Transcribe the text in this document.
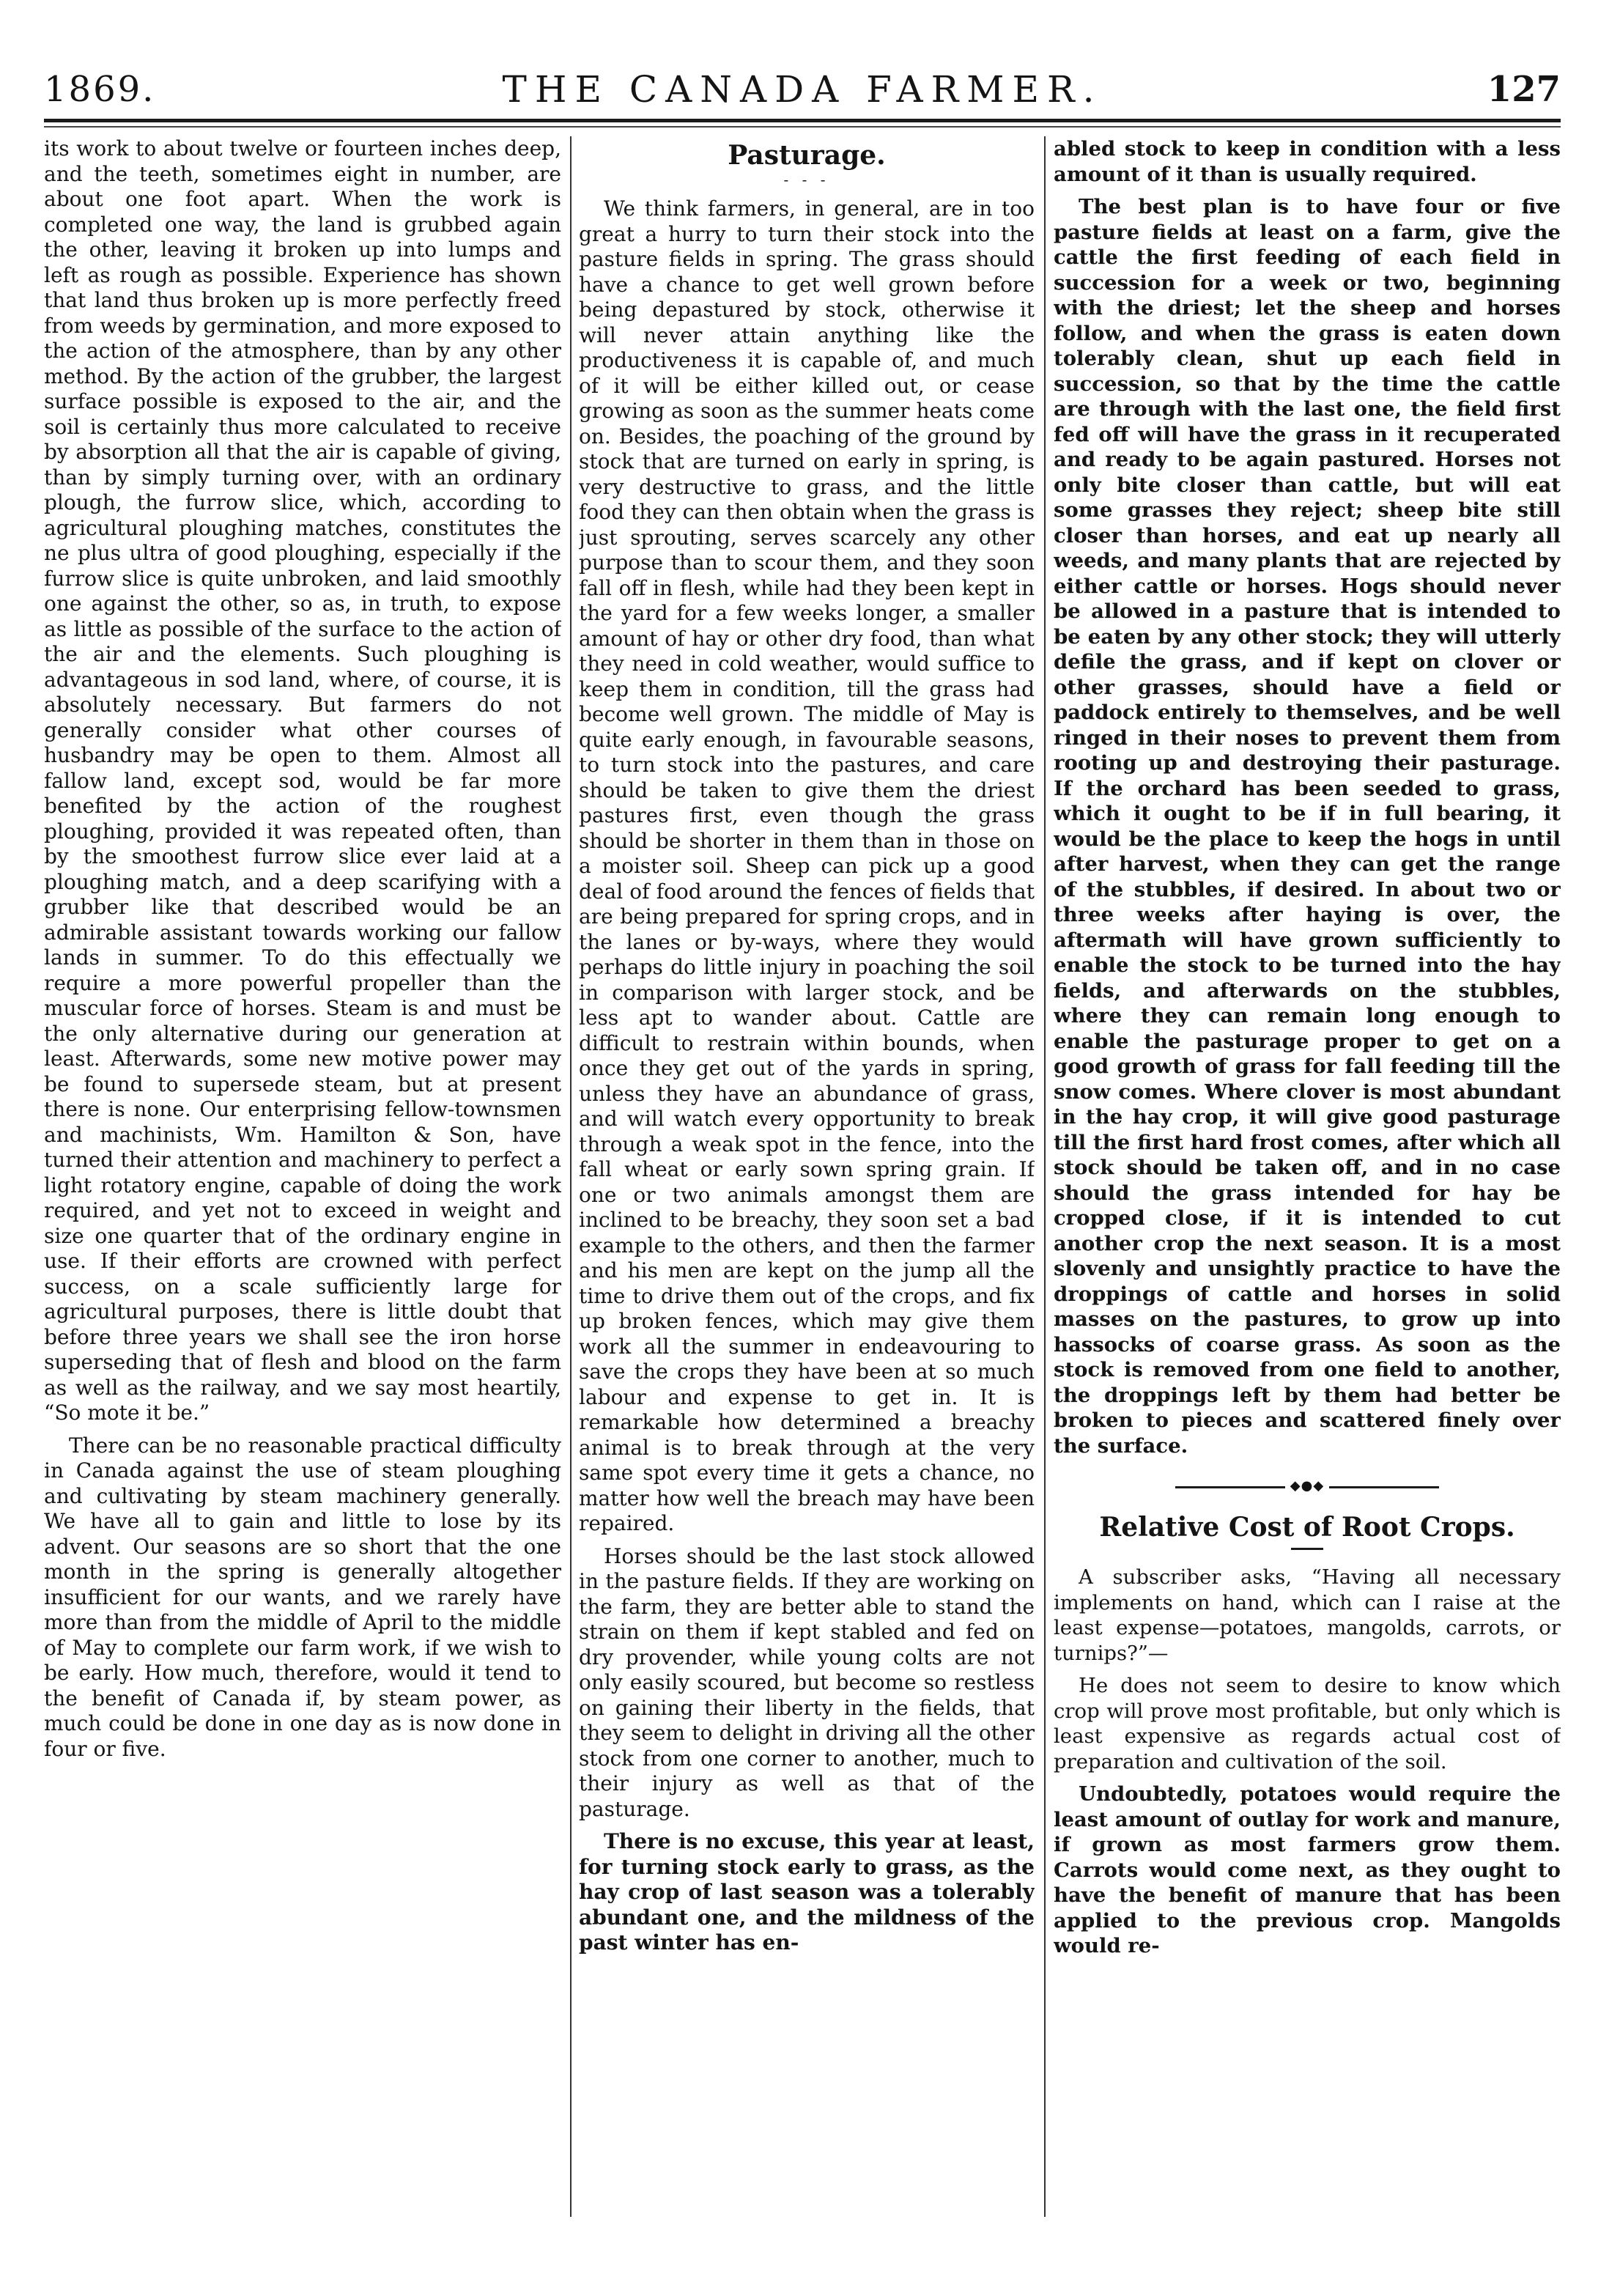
1869.	THE CANADA FARMER.	127

its work to about twelve or fourteen inches deep, and the teeth, sometimes eight in number, are about one foot apart. When the work is completed one way, the land is grubbed again the other, leaving it broken up into lumps and left as rough as possible. Experience has shown that land thus broken up is more perfectly freed from weeds by germination, and more exposed to the action of the atmosphere, than by any other method. By the action of the grubber, the largest surface possible is exposed to the air, and the soil is certainly thus more calculated to receive by absorption all that the air is capable of giving, than by simply turning over, with an ordinary plough, the furrow slice, which, according to agricultural ploughing matches, constitutes the ne plus ultra of good ploughing, especially if the furrow slice is quite unbroken, and laid smoothly one against the other, so as, in truth, to expose as little as possible of the surface to the action of the air and the elements. Such ploughing is advantageous in sod land, where, of course, it is absolutely necessary. But farmers do not generally consider what other courses of husbandry may be open to them. Almost all fallow land, except sod, would be far more benefited by the action of the roughest ploughing, provided it was repeated often, than by the smoothest furrow slice ever laid at a ploughing match, and a deep scarifying with a grubber like that described would be an admirable assistant towards working our fallow lands in summer. To do this effectually we require a more powerful propeller than the muscular force of horses. Steam is and must be the only alternative during our generation at least. Afterwards, some new motive power may be found to supersede steam, but at present there is none. Our enterprising fellow-townsmen and machinists, Wm. Hamilton & Son, have turned their attention and machinery to perfect a light rotatory engine, capable of doing the work required, and yet not to exceed in weight and size one quarter that of the ordinary engine in use. If their efforts are crowned with perfect success, on a scale sufficiently large for agricultural purposes, there is little doubt that before three years we shall see the iron horse superseding that of flesh and blood on the farm as well as the railway, and we say most heartily, “So mote it be.”

There can be no reasonable practical difficulty in Canada against the use of steam ploughing and cultivating by steam machinery generally. We have all to gain and little to lose by its advent. Our seasons are so short that the one month in the spring is generally altogether insufficient for our wants, and we rarely have more than from the middle of April to the middle of May to complete our farm work, if we wish to be early. How much, therefore, would it tend to the benefit of Canada if, by steam power, as much could be done in one day as is now done in four or five.

Pasturage.
- - -

We think farmers, in general, are in too great a hurry to turn their stock into the pasture fields in spring. The grass should have a chance to get well grown before being depastured by stock, otherwise it will never attain anything like the productiveness it is capable of, and much of it will be either killed out, or cease growing as soon as the summer heats come on. Besides, the poaching of the ground by stock that are turned on early in spring, is very destructive to grass, and the little food they can then obtain when the grass is just sprouting, serves scarcely any other purpose than to scour them, and they soon fall off in flesh, while had they been kept in the yard for a few weeks longer, a smaller amount of hay or other dry food, than what they need in cold weather, would suffice to keep them in condition, till the grass had become well grown. The middle of May is quite early enough, in favourable seasons, to turn stock into the pastures, and care should be taken to give them the driest pastures first, even though the grass should be shorter in them than in those on a moister soil. Sheep can pick up a good deal of food around the fences of fields that are being prepared for spring crops, and in the lanes or by-ways, where they would perhaps do little injury in poaching the soil in comparison with larger stock, and be less apt to wander about. Cattle are difficult to restrain within bounds, when once they get out of the yards in spring, unless they have an abundance of grass, and will watch every opportunity to break through a weak spot in the fence, into the fall wheat or early sown spring grain. If one or two animals amongst them are inclined to be breachy, they soon set a bad example to the others, and then the farmer and his men are kept on the jump all the time to drive them out of the crops, and fix up broken fences, which may give them work all the summer in endeavouring to save the crops they have been at so much labour and expense to get in. It is remarkable how determined a breachy animal is to break through at the very same spot every time it gets a chance, no matter how well the breach may have been repaired.

Horses should be the last stock allowed in the pasture fields. If they are working on the farm, they are better able to stand the strain on them if kept stabled and fed on dry provender, while young colts are not only easily scoured, but become so restless on gaining their liberty in the fields, that they seem to delight in driving all the other stock from one corner to another, much to their injury as well as that of the pasturage.

There is no excuse, this year at least, for turning stock early to grass, as the hay crop of last season was a tolerably abundant one, and the mildness of the past winter has en-

abled stock to keep in condition with a less amount of it than is usually required.

The best plan is to have four or five pasture fields at least on a farm, give the cattle the first feeding of each field in succession for a week or two, beginning with the driest; let the sheep and horses follow, and when the grass is eaten down tolerably clean, shut up each field in succession, so that by the time the cattle are through with the last one, the field first fed off will have the grass in it recuperated and ready to be again pastured. Horses not only bite closer than cattle, but will eat some grasses they reject; sheep bite still closer than horses, and eat up nearly all weeds, and many plants that are rejected by either cattle or horses. Hogs should never be allowed in a pasture that is intended to be eaten by any other stock; they will utterly defile the grass, and if kept on clover or other grasses, should have a field or paddock entirely to themselves, and be well ringed in their noses to prevent them from rooting up and destroying their pasturage. If the orchard has been seeded to grass, which it ought to be if in full bearing, it would be the place to keep the hogs in until after harvest, when they can get the range of the stubbles, if desired. In about two or three weeks after haying is over, the aftermath will have grown sufficiently to enable the stock to be turned into the hay fields, and afterwards on the stubbles, where they can remain long enough to enable the pasturage proper to get on a good growth of grass for fall feeding till the snow comes. Where clover is most abundant in the hay crop, it will give good pasturage till the first hard frost comes, after which all stock should be taken off, and in no case should the grass intended for hay be cropped close, if it is intended to cut another crop the next season. It is a most slovenly and unsightly practice to have the droppings of cattle and horses in solid masses on the pastures, to grow up into hassocks of coarse grass. As soon as the stock is removed from one field to another, the droppings left by them had better be broken to pieces and scattered finely over the surface.

◆●◆
Relative Cost of Root Crops.

A subscriber asks, “Having all necessary implements on hand, which can I raise at the least expense—potatoes, mangolds, carrots, or turnips?”—

He does not seem to desire to know which crop will prove most profitable, but only which is least expensive as regards actual cost of preparation and cultivation of the soil.

Undoubtedly, potatoes would require the least amount of outlay for work and manure, if grown as most farmers grow them. Carrots would come next, as they ought to have the benefit of manure that has been applied to the previous crop. Mangolds would re-
